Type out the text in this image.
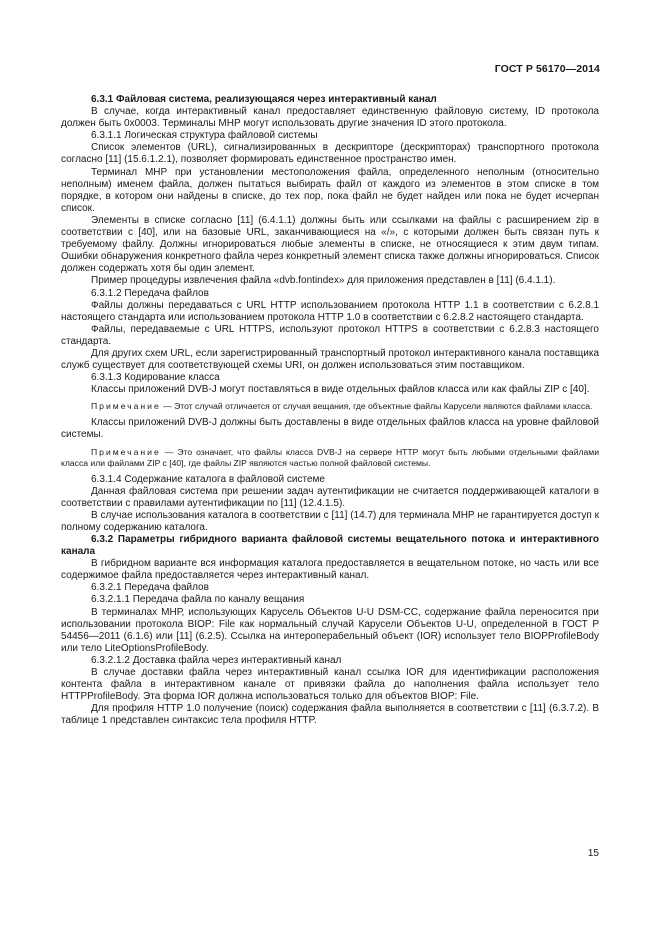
ГОСТ Р 56170—2014

6.3.1 Файловая система, реализующаяся через интерактивный канал

В случае, когда интерактивный канал предоставляет единственную файловую систему, ID протокола должен быть 0x0003. Терминалы МНР могут использовать другие значения ID этого протокола.

6.3.1.1 Логическая структура файловой системы

Список элементов (URL), сигнализированных в дескрипторе (дескрипторах) транспортного протокола согласно [11] (15.6.1.2.1), позволяет формировать единственное пространство имен.

Терминал МНР при установлении местоположения файла, определенного неполным (относительно неполным) именем файла, должен пытаться выбирать файл от каждого из элементов в этом списке в том порядке, в котором они найдены в списке, до тех пор, пока файл не будет найден или пока не будет исчерпан список.

Элементы в списке согласно [11] (6.4.1.1) должны быть или ссылками на файлы с расширением zip в соответствии с [40], или на базовые URL, заканчивающиеся на «/», с которыми должен быть связан путь к требуемому файлу. Должны игнорироваться любые элементы в списке, не относящиеся к этим двум типам. Ошибки обнаружения конкретного файла через конкретный элемент списка также должны игнорироваться. Список должен содержать хотя бы один элемент.

Пример процедуры извлечения файла «dvb.fontindex» для приложения представлен в [11] (6.4.1.1).

6.3.1.2 Передача файлов

Файлы должны передаваться с URL HTTP использованием протокола HTTP 1.1 в соответствии с 6.2.8.1 настоящего стандарта или использованием протокола HTTP 1.0 в соответствии с 6.2.8.2 настоящего стандарта.

Файлы, передаваемые с URL HTTPS, используют протокол HTTPS в соответствии с 6.2.8.3 настоящего стандарта.

Для других схем URL, если зарегистрированный транспортный протокол интерактивного канала поставщика служб существует для соответствующей схемы URI, он должен использоваться этим поставщиком.

6.3.1.3 Кодирование класса

Классы приложений DVB-J могут поставляться в виде отдельных файлов класса или как файлы ZIP с [40].

Примечание — Этот случай отличается от случая вещания, где объектные файлы Карусели являются файлами класса.

Классы приложений DVB-J должны быть доставлены в виде отдельных файлов класса на уровне файловой системы.

Примечание — Это означает, что файлы класса DVB-J на сервере HTTP могут быть любыми отдельными файлами класса или файлами ZIP с [40], где файлы ZIP являются частью полной файловой системы.

6.3.1.4 Содержание каталога в файловой системе

Данная файловая система при решении задач аутентификации не считается поддерживающей каталоги в соответствии с правилами аутентификации по [11] (12.4.1.5).

В случае использования каталога в соответствии с [11] (14.7) для терминала МНР не гарантируется доступ к полному содержанию каталога.

6.3.2 Параметры гибридного варианта файловой системы вещательного потока и интерактивного канала

В гибридном варианте вся информация каталога предоставляется в вещательном потоке, но часть или все содержимое файла предоставляется через интерактивный канал.

6.3.2.1 Передача файлов

6.3.2.1.1 Передача файла по каналу вещания

В терминалах МНР, использующих Карусель Объектов U-U DSM-CC, содержание файла переносится при использовании протокола BIOP: File как нормальный случай Карусели Объектов U-U, определенной в ГОСТ Р 54456—2011 (6.1.6) или [11] (6.2.5). Ссылка на интероперабельный объект (IOR) использует тело BIOPProfileBody или тело LiteOptionsProfileBody.

6.3.2.1.2 Доставка файла через интерактивный канал

В случае доставки файла через интерактивный канал ссылка IOR для идентификации расположения контента файла в интерактивном канале от привязки файла до наполнения файла использует тело HTTPProfileBody. Эта форма IOR должна использоваться только для объектов BIOP: File.

Для профиля HTTP 1.0 получение (поиск) содержания файла выполняется в соответствии с [11] (6.3.7.2). В таблице 1 представлен синтаксис тела профиля HTTP.

15
